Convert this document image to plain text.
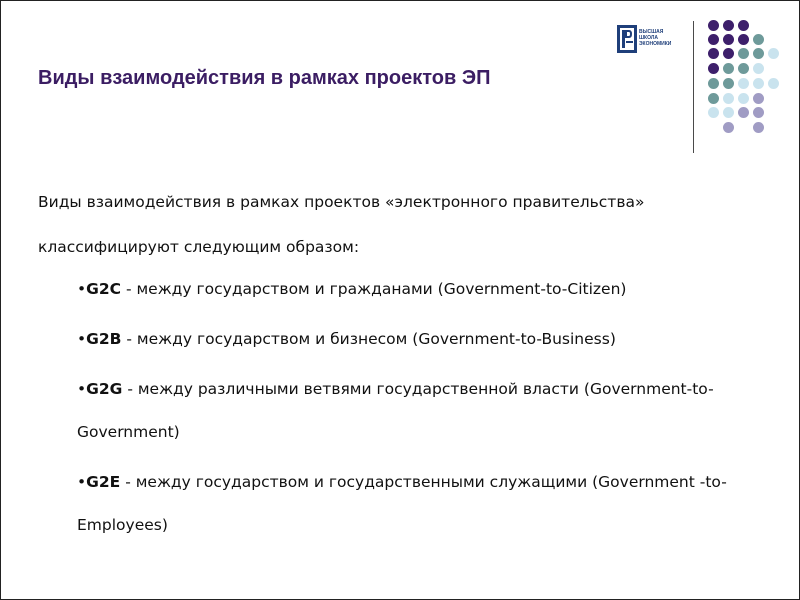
Виды взаимодействия в рамках проектов ЭП
ВЫСШАЯ
ШКОЛА
ЭКОНОМИКИ

Виды взаимодействия в рамках проектов «электронного правительства»
классифицируют следующим образом:

•G2C - между государством и гражданами (Government-to-Citizen)
•G2B - между государством и бизнесом (Government-to-Business)
•G2G - между различными ветвями государственной власти (Government-to-Government)
•G2E - между государством и государственными служащими (Government -to-Employees)
